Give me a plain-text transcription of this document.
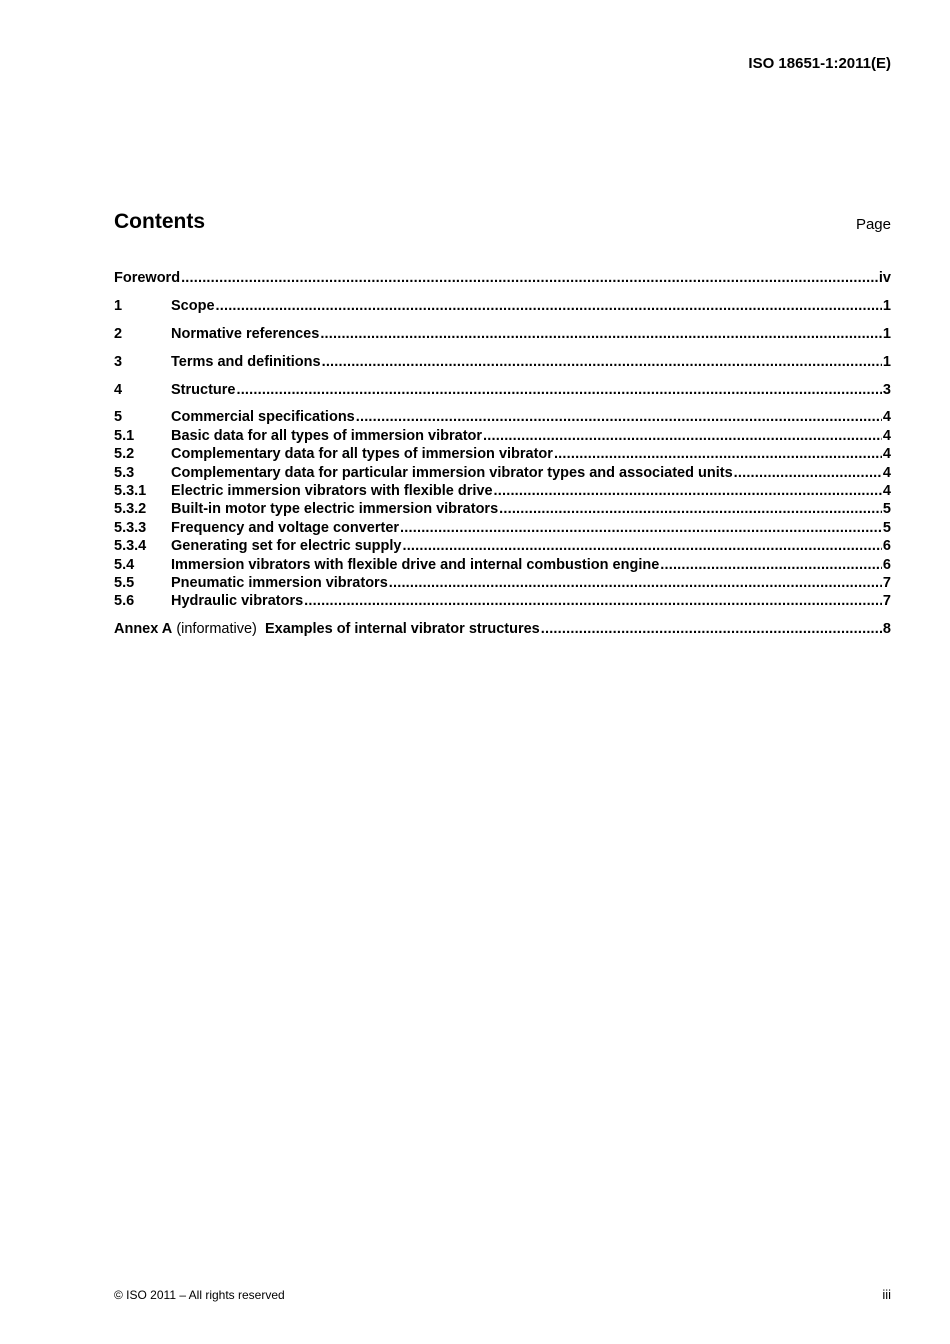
ISO 18651-1:2011(E)
Contents	Page
Foreword .....	iv
1	Scope .....	1
2	Normative references .....	1
3	Terms and definitions .....	1
4	Structure .....	3
5	Commercial specifications .....	4
5.1	Basic data for all types of immersion vibrator .....	4
5.2	Complementary data for all types of immersion vibrator .....	4
5.3	Complementary data for particular immersion vibrator types and associated units .....	4
5.3.1	Electric immersion vibrators with flexible drive .....	4
5.3.2	Built-in motor type electric immersion vibrators .....	5
5.3.3	Frequency and voltage converter .....	5
5.3.4	Generating set for electric supply .....	6
5.4	Immersion vibrators with flexible drive and internal combustion engine .....	6
5.5	Pneumatic immersion vibrators .....	7
5.6	Hydraulic vibrators .....	7
Annex A (informative) Examples of internal vibrator structures .....	8
© ISO 2011 – All rights reserved	iii
